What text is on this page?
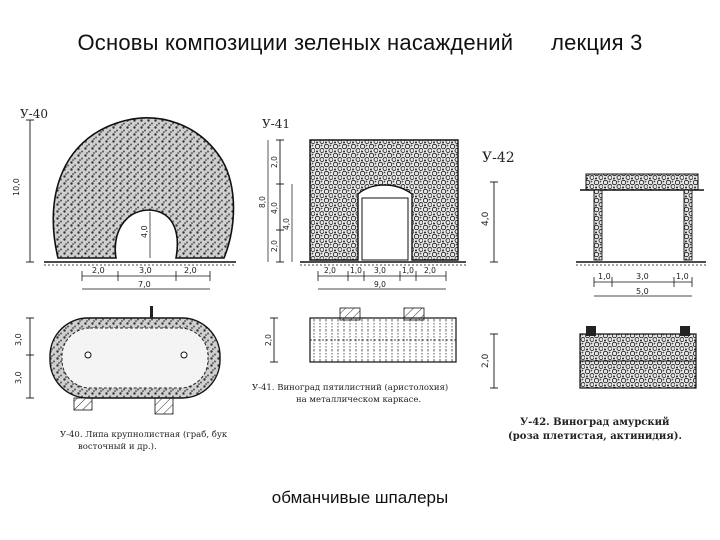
Основы композиции зеленых насаждений лекция 3
У-40
10,0
4,0
2,0	3,0	2,0
7,0
3,0
3,0
У-40. Липа крупнолистная (граб, бук
восточный и др.).
У-41
2,0
4,0
2,0
8,0
4,0
2,0 1,0 3,0 1,0 2,0
9,0
2,0
У-41. Виноград пятилистний (аристолохия)
на металлическом каркасе.
У-42
4,0
1,0	3,0	1,0
5,0
2,0
У-42. Виноград амурский
(роза плетистая, актинидия).
обманчивые шпалеры
